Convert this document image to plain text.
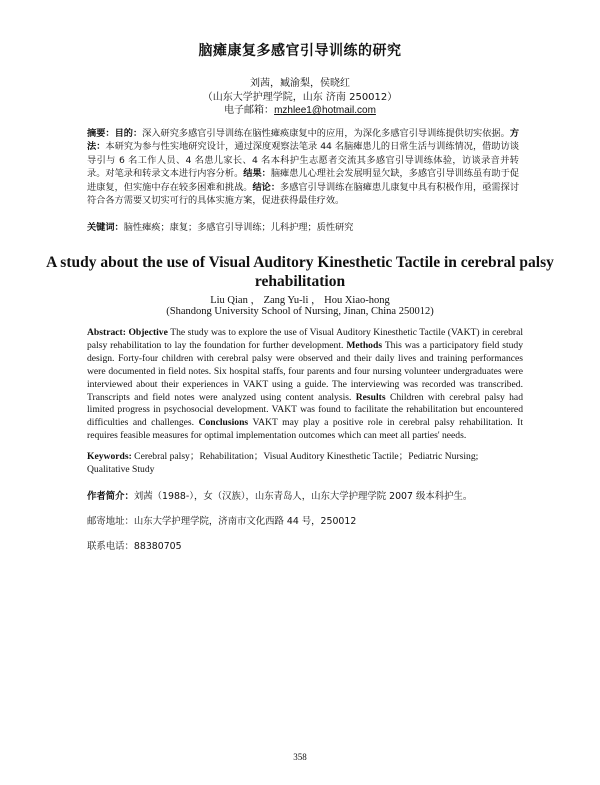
脑瘫康复多感官引导训练的研究
刘茜，臧渝梨，侯晓红
（山东大学护理学院，山东 济南 250012）
电子邮箱：mzhlee1@hotmail.com
摘要：目的：深入研究多感官引导训练在脑性瘫痪康复中的应用，为深化多感官引导训练提供切实依据。方法：本研究为参与性实地研究设计，通过深度观察法笔录 44 名脑瘫患儿的日常生活与训练情况，借助访谈导引与 6 名工作人员、4 名患儿家长、4 名本科护生志愿者交流其多感官引导训练体验，访谈录音并转录。对笔录和转录文本进行内容分析。结果：脑瘫患儿心理社会发展明显欠缺，多感官引导训练虽有助于促进康复，但实施中存在较多困难和挑战。结论：多感官引导训练在脑瘫患儿康复中具有积极作用，亟需探讨符合各方需要又切实可行的具体实施方案，促进获得最佳疗效。
关键词：脑性瘫痪；康复；多感官引导训练；儿科护理；质性研究
A study about the use of Visual Auditory Kinesthetic Tactile in cerebral palsy rehabilitation
Liu Qian ， Zang Yu-li ， Hou Xiao-hong
(Shandong University School of Nursing, Jinan, China 250012)
Abstract: Objective The study was to explore the use of Visual Auditory Kinesthetic Tactile (VAKT) in cerebral palsy rehabilitation to lay the foundation for further development. Methods This was a participatory field study design. Forty-four children with cerebral palsy were observed and their daily lives and training performances were documented in field notes. Six hospital staffs, four parents and four nursing volunteer undergraduates were interviewed about their experiences in VAKT using a guide. The interviewing was recorded was transcribed. Transcripts and field notes were analyzed using content analysis. Results Children with cerebral palsy had limited progress in psychosocial development. VAKT was found to facilitate the rehabilitation but encountered difficulties and challenges. Conclusions VAKT may play a positive role in cerebral palsy rehabilitation. It requires feasible measures for optimal implementation outcomes which can meet all parties' needs.
Keywords: Cerebral palsy；Rehabilitation；Visual Auditory Kinesthetic Tactile；Pediatric Nursing; Qualitative Study
作者简介：刘茜（1988-），女（汉族），山东青岛人，山东大学护理学院 2007 级本科护生。
邮寄地址：山东大学护理学院，济南市文化西路 44 号，250012
联系电话：88380705
358
